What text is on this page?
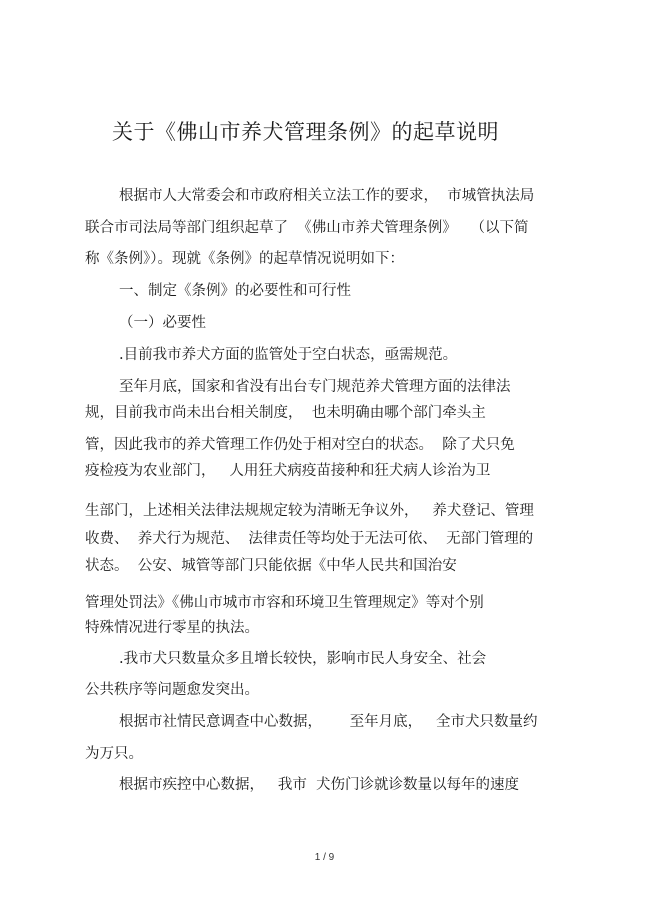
关于《佛山市养犬管理条例》的起草说明
根据市人大常委会和市政府相关立法工作的要求，  市城管执法局
联合市司法局等部门组织起草了  《佛山市养犬管理条例》   （以下简
称《条例》）。现就《条例》的起草情况说明如下：
一、制定《条例》的必要性和可行性
（一）必要性
.目前我市养犬方面的监管处于空白状态，亟需规范。
至年月底，国家和省没有出台专门规范养犬管理方面的法律法
规，目前我市尚未出台相关制度，  也未明确由哪个部门牵头主
管，因此我市的养犬管理工作仍处于相对空白的状态。  除了犬只免
疫检疫为农业部门，   人用狂犬病疫苗接种和狂犬病人诊治为卫
生部门，上述相关法律法规规定较为清晰无争议外，   养犬登记、管理
收费、  养犬行为规范、  法律责任等均处于无法可依、  无部门管理的
状态。  公安、城管等部门只能依据《中华人民共和国治安
管理处罚法》《佛山市城市市容和环境卫生管理规定》等对个别
特殊情况进行零星的执法。
.我市犬只数量众多且增长较快，影响市民人身安全、社会
公共秩序等问题愈发突出。
根据市社情民意调查中心数据，      至年月底，   全市犬只数量约
为万只。
根据市疾控中心数据，   我市  犬伤门诊就诊数量以每年的速度
1 / 9
